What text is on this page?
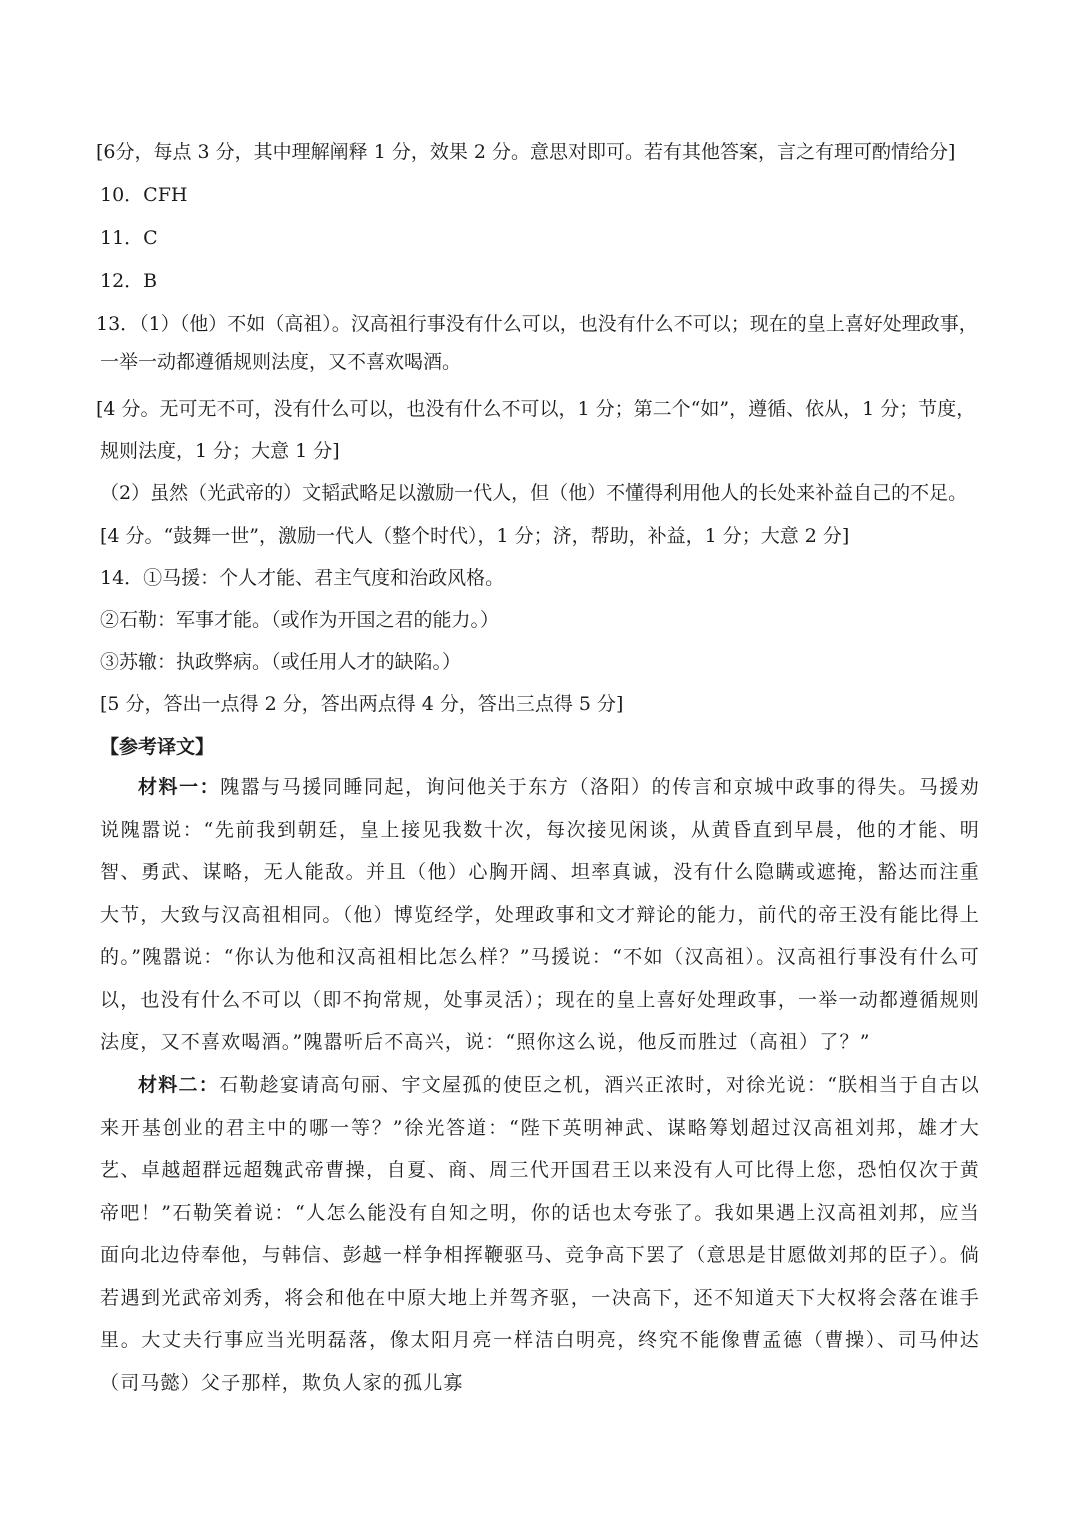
[6分，每点 3 分，其中理解阐释 1 分，效果 2 分。意思对即可。若有其他答案，言之有理可酌情给分]
10．CFH
11．C
12．B
13．（1）（他）不如（高祖）。汉高祖行事没有什么可以，也没有什么不可以；现在的皇上喜好处理政事，
一举一动都遵循规则法度，又不喜欢喝酒。
[4 分。无可无不可，没有什么可以，也没有什么不可以，1 分；第二个“如”，遵循、依从，1 分；节度，
规则法度，1 分；大意 1 分]
（2）虽然（光武帝的）文韬武略足以激励一代人，但（他）不懂得利用他人的长处来补益自己的不足。
[4 分。“鼓舞一世”，激励一代人（整个时代），1 分；济，帮助，补益，1 分；大意 2 分]
14．①马援：个人才能、君主气度和治政风格。
②石勒：军事才能。（或作为开国之君的能力。）
③苏辙：执政弊病。（或任用人才的缺陷。）
[5 分，答出一点得 2 分，答出两点得 4 分，答出三点得 5 分]
【参考译文】
材料一：隗嚣与马援同睡同起，询问他关于东方（洛阳）的传言和京城中政事的得失。马援劝说隗嚣说：“先前我到朝廷，皇上接见我数十次，每次接见闲谈，从黄昏直到早晨，他的才能、明智、勇武、谋略，无人能敌。并且（他）心胸开阔、坦率真诚，没有什么隐瞒或遮掩，豁达而注重大节，大致与汉高祖相同。（他）博览经学，处理政事和文才辩论的能力，前代的帝王没有能比得上的。”隗嚣说：“你认为他和汉高祖相比怎么样？”马援说：“不如（汉高祖）。汉高祖行事没有什么可以，也没有什么不可以（即不拘常规，处事灵活）；现在的皇上喜好处理政事，一举一动都遵循规则法度，又不喜欢喝酒。”隗嚣听后不高兴，说：“照你这么说，他反而胜过（高祖）了？”
材料二：石勒趁宴请高句丽、宇文屋孤的使臣之机，酒兴正浓时，对徐光说：“朕相当于自古以来开基创业的君主中的哪一等？”徐光答道：“陛下英明神武、谋略筹划超过汉高祖刘邦，雄才大艺、卓越超群远超魏武帝曹操，自夏、商、周三代开国君王以来没有人可比得上您，恐怕仅次于黄帝吧！”石勒笑着说：“人怎么能没有自知之明，你的话也太夸张了。我如果遇上汉高祖刘邦，应当面向北边侍奉他，与韩信、彭越一样争相挥鞭驱马、竞争高下罢了（意思是甘愿做刘邦的臣子）。倘若遇到光武帝刘秀，将会和他在中原大地上并驾齐驱，一决高下，还不知道天下大权将会落在谁手里。大丈夫行事应当光明磊落，像太阳月亮一样洁白明亮，终究不能像曹孟德（曹操）、司马仲达（司马懿）父子那样，欺负人家的孤儿寡
